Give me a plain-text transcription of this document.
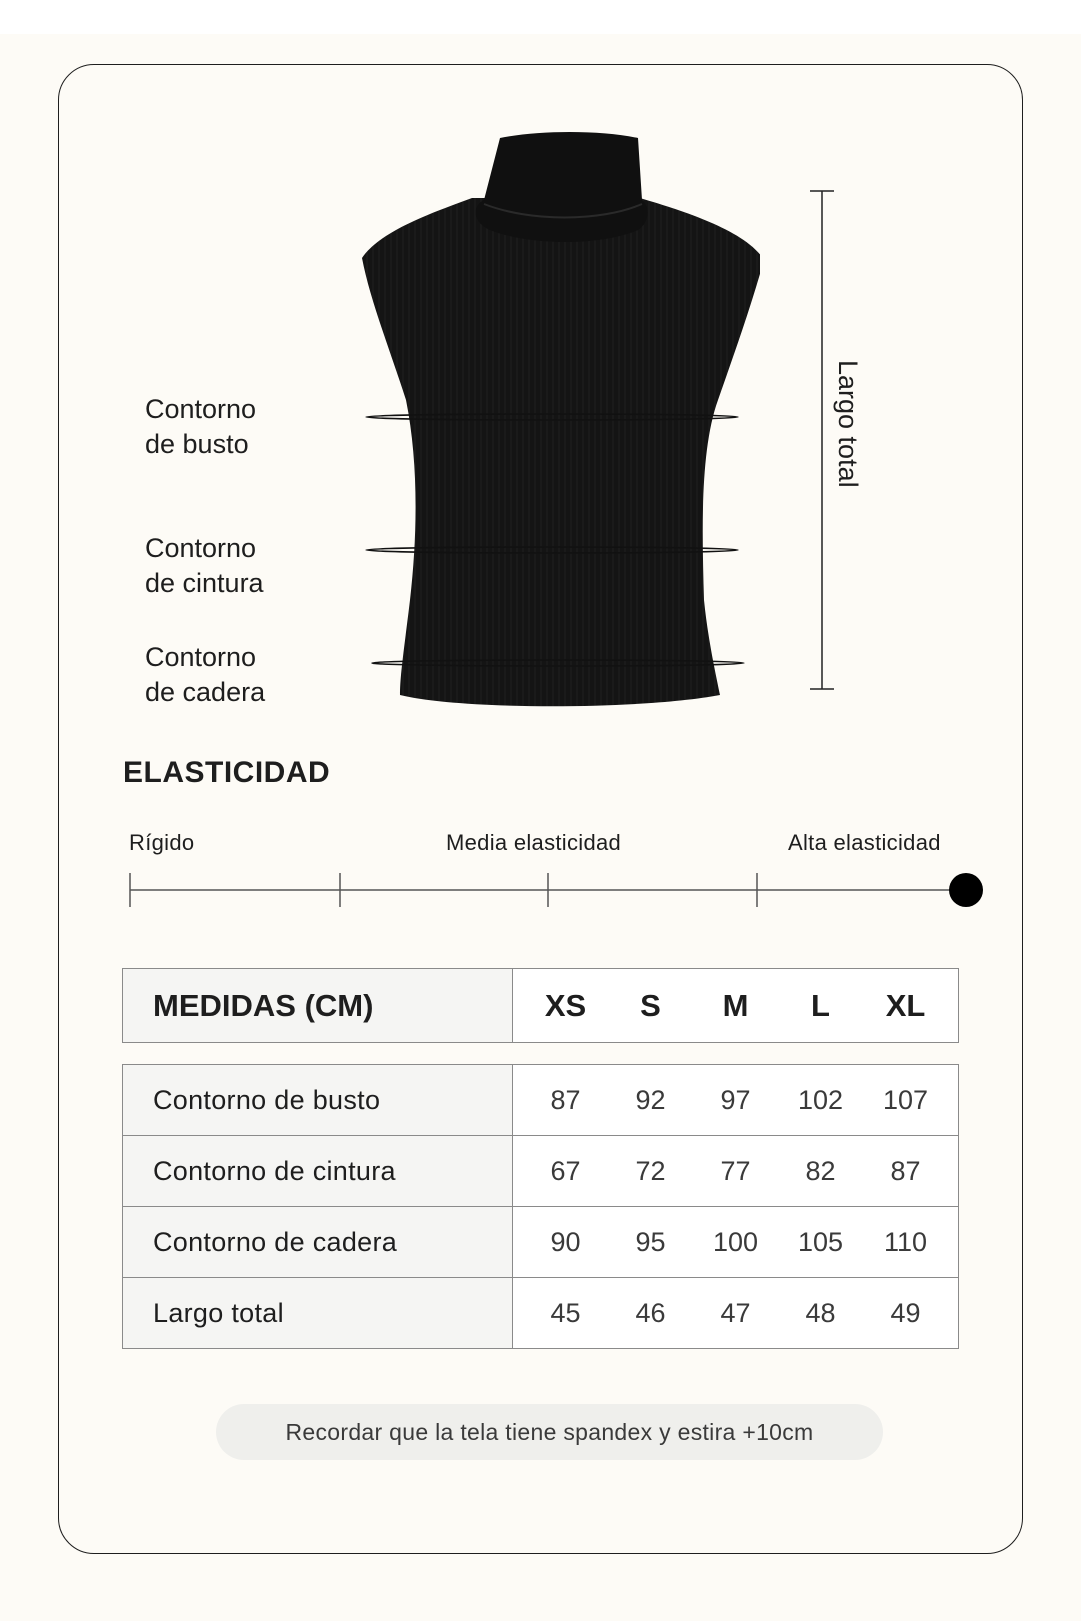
Contorno
de busto
Contorno
de cintura
Contorno
de cadera
Largo total
ELASTICIDAD
Rígido	Media elasticidad	Alta elasticidad
MEDIDAS (CM)	XS	S	M	L	XL
Contorno de busto	87 92 97 102 107

Contorno de cintura	67 72 77 82 87

Contorno de cadera	90 95 100 105 110

Largo total	45 46 47 48 49
Recordar que la tela tiene spandex y estira +10cm
